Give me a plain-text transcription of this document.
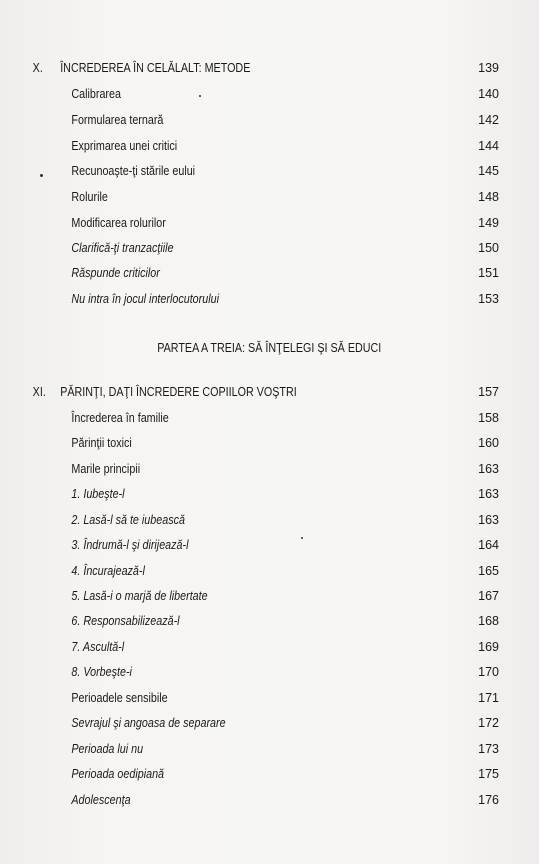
X. ÎNCREDEREA ÎN CELĂLALT: METODE	139
Calibrarea	140
Formularea ternară	142
Exprimarea unei critici	144
Recunoaşte-ţi stările eului	145
Rolurile	148
Modificarea rolurilor	149
Clarifică-ţi tranzacţiile	150
Răspunde criticilor	151
Nu intra în jocul interlocutorului	153
PARTEA A TREIA: SĂ ÎNŢELEGI ŞI SĂ EDUCI
XI. PĂRINŢI, DAŢI ÎNCREDERE COPIILOR VOŞTRI	157
Încrederea în familie	158
Părinţii toxici	160
Marile principii	163
1. Iubeşte-l	163
2. Lasă-l să te iubească	163
3. Îndrumă-l şi dirijează-l	164
4. Încurajează-l	165
5. Lasă-i o marjă de libertate	167
6. Responsabilizează-l	168
7. Ascultă-l	169
8. Vorbeşte-i	170
Perioadele sensibile	171
Sevrajul şi angoasa de separare	172
Perioada lui nu	173
Perioada oedipiană	175
Adolescenţa	176
